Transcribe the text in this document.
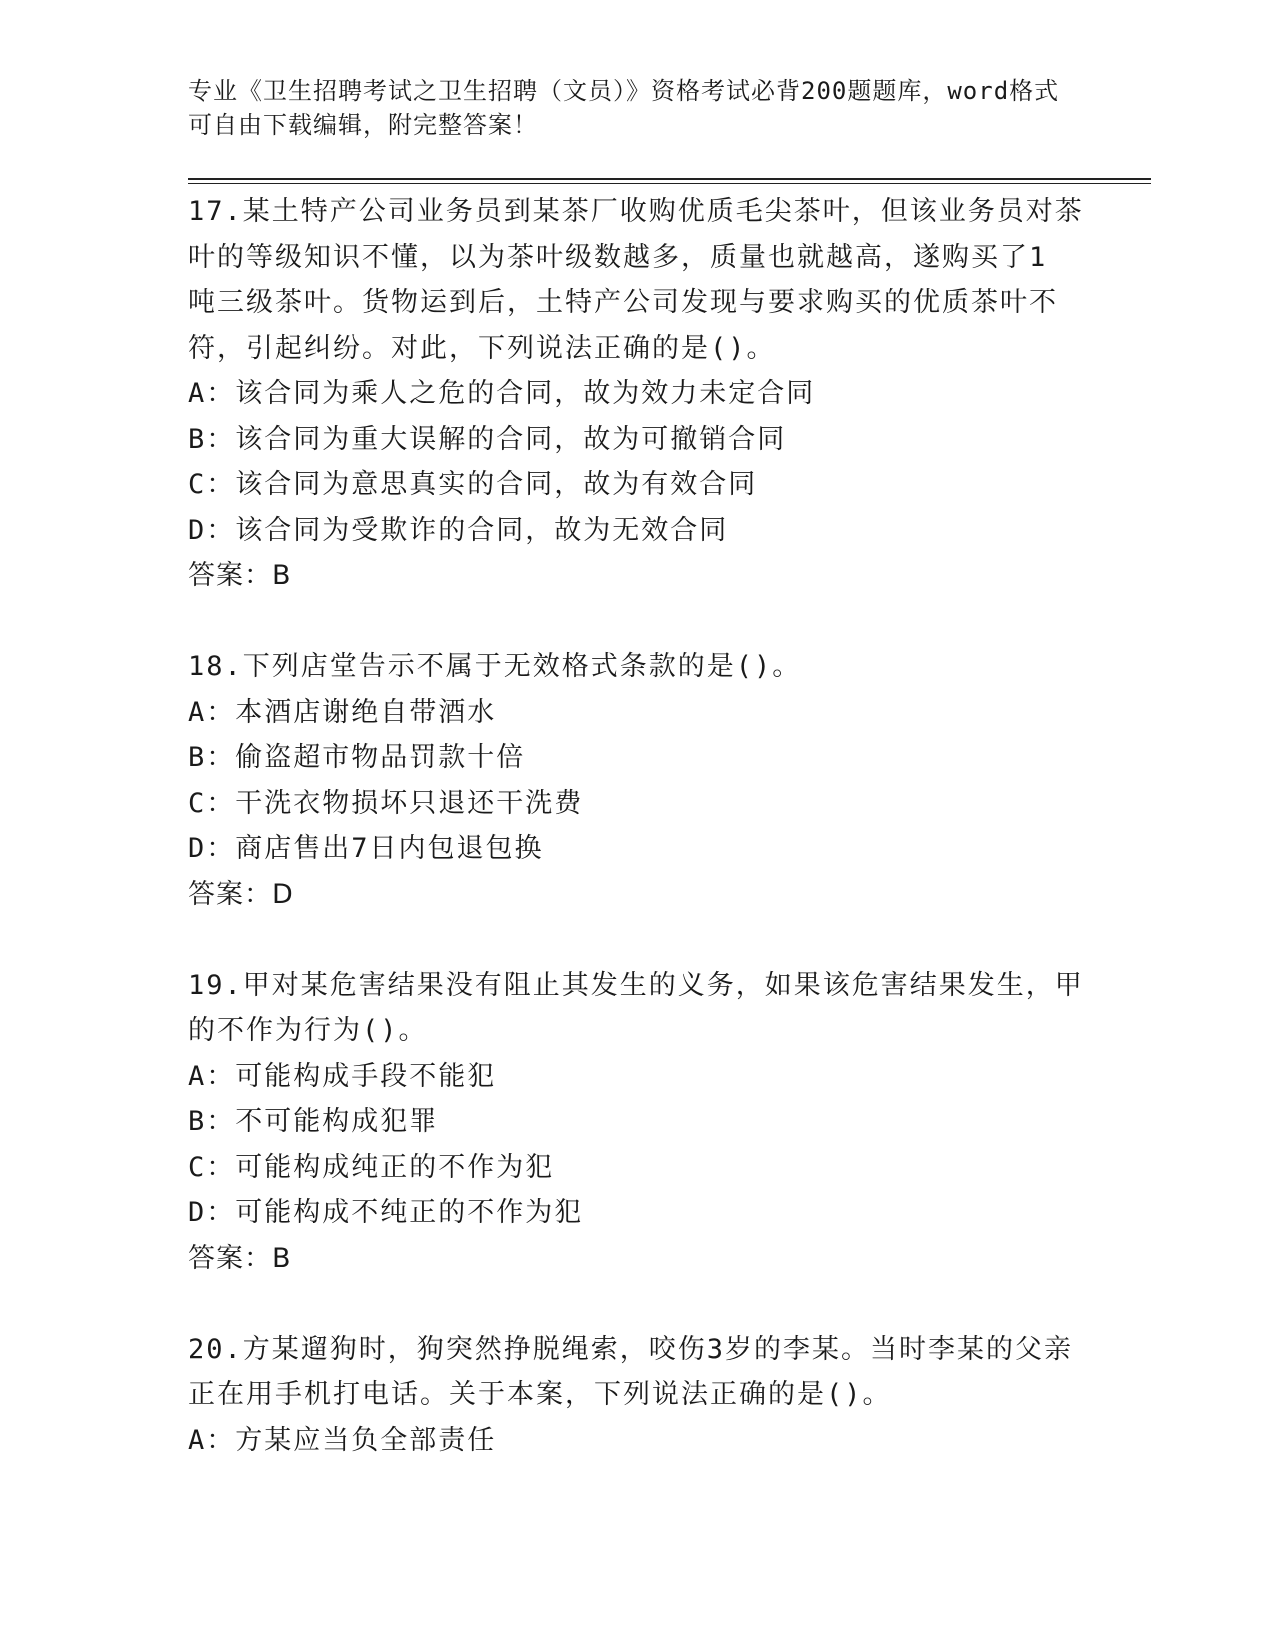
专业《卫生招聘考试之卫生招聘（文员）》资格考试必背200题题库，word格式
可自由下载编辑，附完整答案！
17.某土特产公司业务员到某茶厂收购优质毛尖茶叶，但该业务员对茶
叶的等级知识不懂，以为茶叶级数越多，质量也就越高，遂购买了1
吨三级茶叶。货物运到后，土特产公司发现与要求购买的优质茶叶不
符，引起纠纷。对此，下列说法正确的是()。
A：该合同为乘人之危的合同，故为效力未定合同
B：该合同为重大误解的合同，故为可撤销合同
C：该合同为意思真实的合同，故为有效合同
D：该合同为受欺诈的合同，故为无效合同
答案：B
18.下列店堂告示不属于无效格式条款的是()。
A：本酒店谢绝自带酒水
B：偷盗超市物品罚款十倍
C：干洗衣物损坏只退还干洗费
D：商店售出7日内包退包换
答案：D
19.甲对某危害结果没有阻止其发生的义务，如果该危害结果发生，甲
的不作为行为()。
A：可能构成手段不能犯
B：不可能构成犯罪
C：可能构成纯正的不作为犯
D：可能构成不纯正的不作为犯
答案：B
20.方某遛狗时，狗突然挣脱绳索，咬伤3岁的李某。当时李某的父亲
正在用手机打电话。关于本案，下列说法正确的是()。
A：方某应当负全部责任
